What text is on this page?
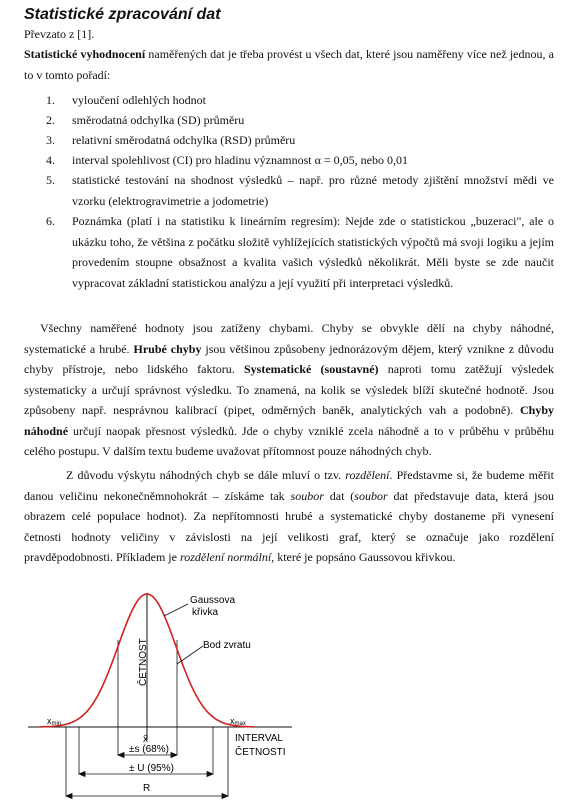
Statistické zpracování dat
Převzato z [1].
Statistické vyhodnocení naměřených dat je třeba provést u všech dat, které jsou naměřeny více než jednou, a to v tomto pořadí:
1.	vyloučení odlehlých hodnot
2.	směrodatná odchylka (SD) průměru
3.	relativní směrodatná odchylka (RSD) průměru
4.	interval spolehlivost (CI) pro hladinu významnost α = 0,05, nebo 0,01
5.	statistické testování na shodnost výsledků – např. pro různé metody zjištění množství mědi ve vzorku (elektrogravimetrie a jodometrie)
6.	Poznámka (platí i na statistiku k lineárním regresím): Nejde zde o statistickou „buzeraci", ale o ukázku toho, že většina z počátku složitě vyhlížejících statistických výpočtů má svoji logiku a jejím provedením stoupne obsažnost a kvalita vašich výsledků několikrát. Měli byste se zde naučit vypracovat základní statistickou analýzu a její využití při interpretaci výsledků.
Všechny naměřené hodnoty jsou zatíženy chybami. Chyby se obvykle dělí na chyby náhodné, systematické a hrubé. Hrubé chyby jsou většinou způsobeny jednorázovým dějem, který vznikne z důvodu chyby přístroje, nebo lidského faktoru. Systematické (soustavné) naproti tomu zatěžují výsledek systematicky a určují správnost výsledku. To znamená, na kolik se výsledek blíží skutečné hodnotě. Jsou způsobeny např. nesprávnou kalibrací (pipet, odměrných baněk, analytických vah a podobně). Chyby náhodné určují naopak přesnost výsledků. Jde o chyby vzniklé zcela náhodně a to v průběhu v průběhu celého postupu. V dalším textu budeme uvažovat přítomnost pouze náhodných chyb.
Z důvodu výskytu náhodných chyb se dále mluví o tzv. rozdělení. Představme si, že budeme měřit danou veličinu nekonečněmnohokrát – získáme tak soubor dat (soubor dat představuje data, která jsou obrazem celé populace hodnot). Za nepřítomnosti hrubé a systematické chyby dostaneme při vynesení četnosti hodnoty veličiny v závislosti na její velikosti graf, který se označuje jako rozdělení pravděpodobnosti. Příkladem je rozdělení normální, které je popsáno Gaussovou křivkou.
Gaussova
křivka
Bod zvratu
ČETNOST
xmin	xmax
INTERVAL
ČETNOSTI
x̄
±s (68%)
± U (95%)
R
